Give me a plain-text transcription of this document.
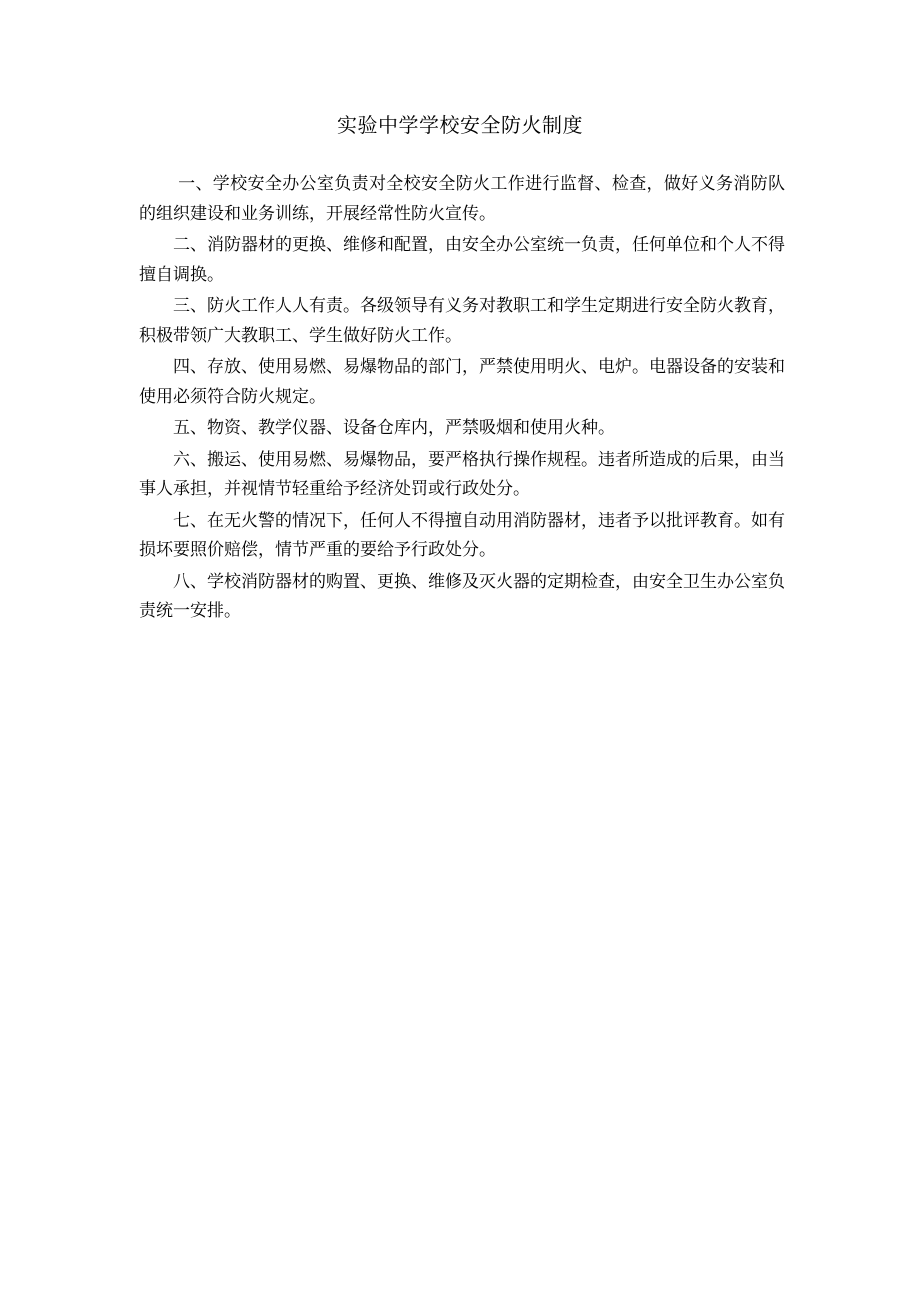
实验中学学校安全防火制度

一、学校安全办公室负责对全校安全防火工作进行监督、检查，做好义务消防队的组织建设和业务训练，开展经常性防火宣传。

二、消防器材的更换、维修和配置，由安全办公室统一负责，任何单位和个人不得擅自调换。

三、防火工作人人有责。各级领导有义务对教职工和学生定期进行安全防火教育，积极带领广大教职工、学生做好防火工作。

四、存放、使用易燃、易爆物品的部门，严禁使用明火、电炉。电器设备的安装和使用必须符合防火规定。

五、物资、教学仪器、设备仓库内，严禁吸烟和使用火种。

六、搬运、使用易燃、易爆物品，要严格执行操作规程。违者所造成的后果，由当事人承担，并视情节轻重给予经济处罚或行政处分。

七、在无火警的情况下，任何人不得擅自动用消防器材，违者予以批评教育。如有损坏要照价赔偿，情节严重的要给予行政处分。

八、学校消防器材的购置、更换、维修及灭火器的定期检查，由安全卫生办公室负责统一安排。
